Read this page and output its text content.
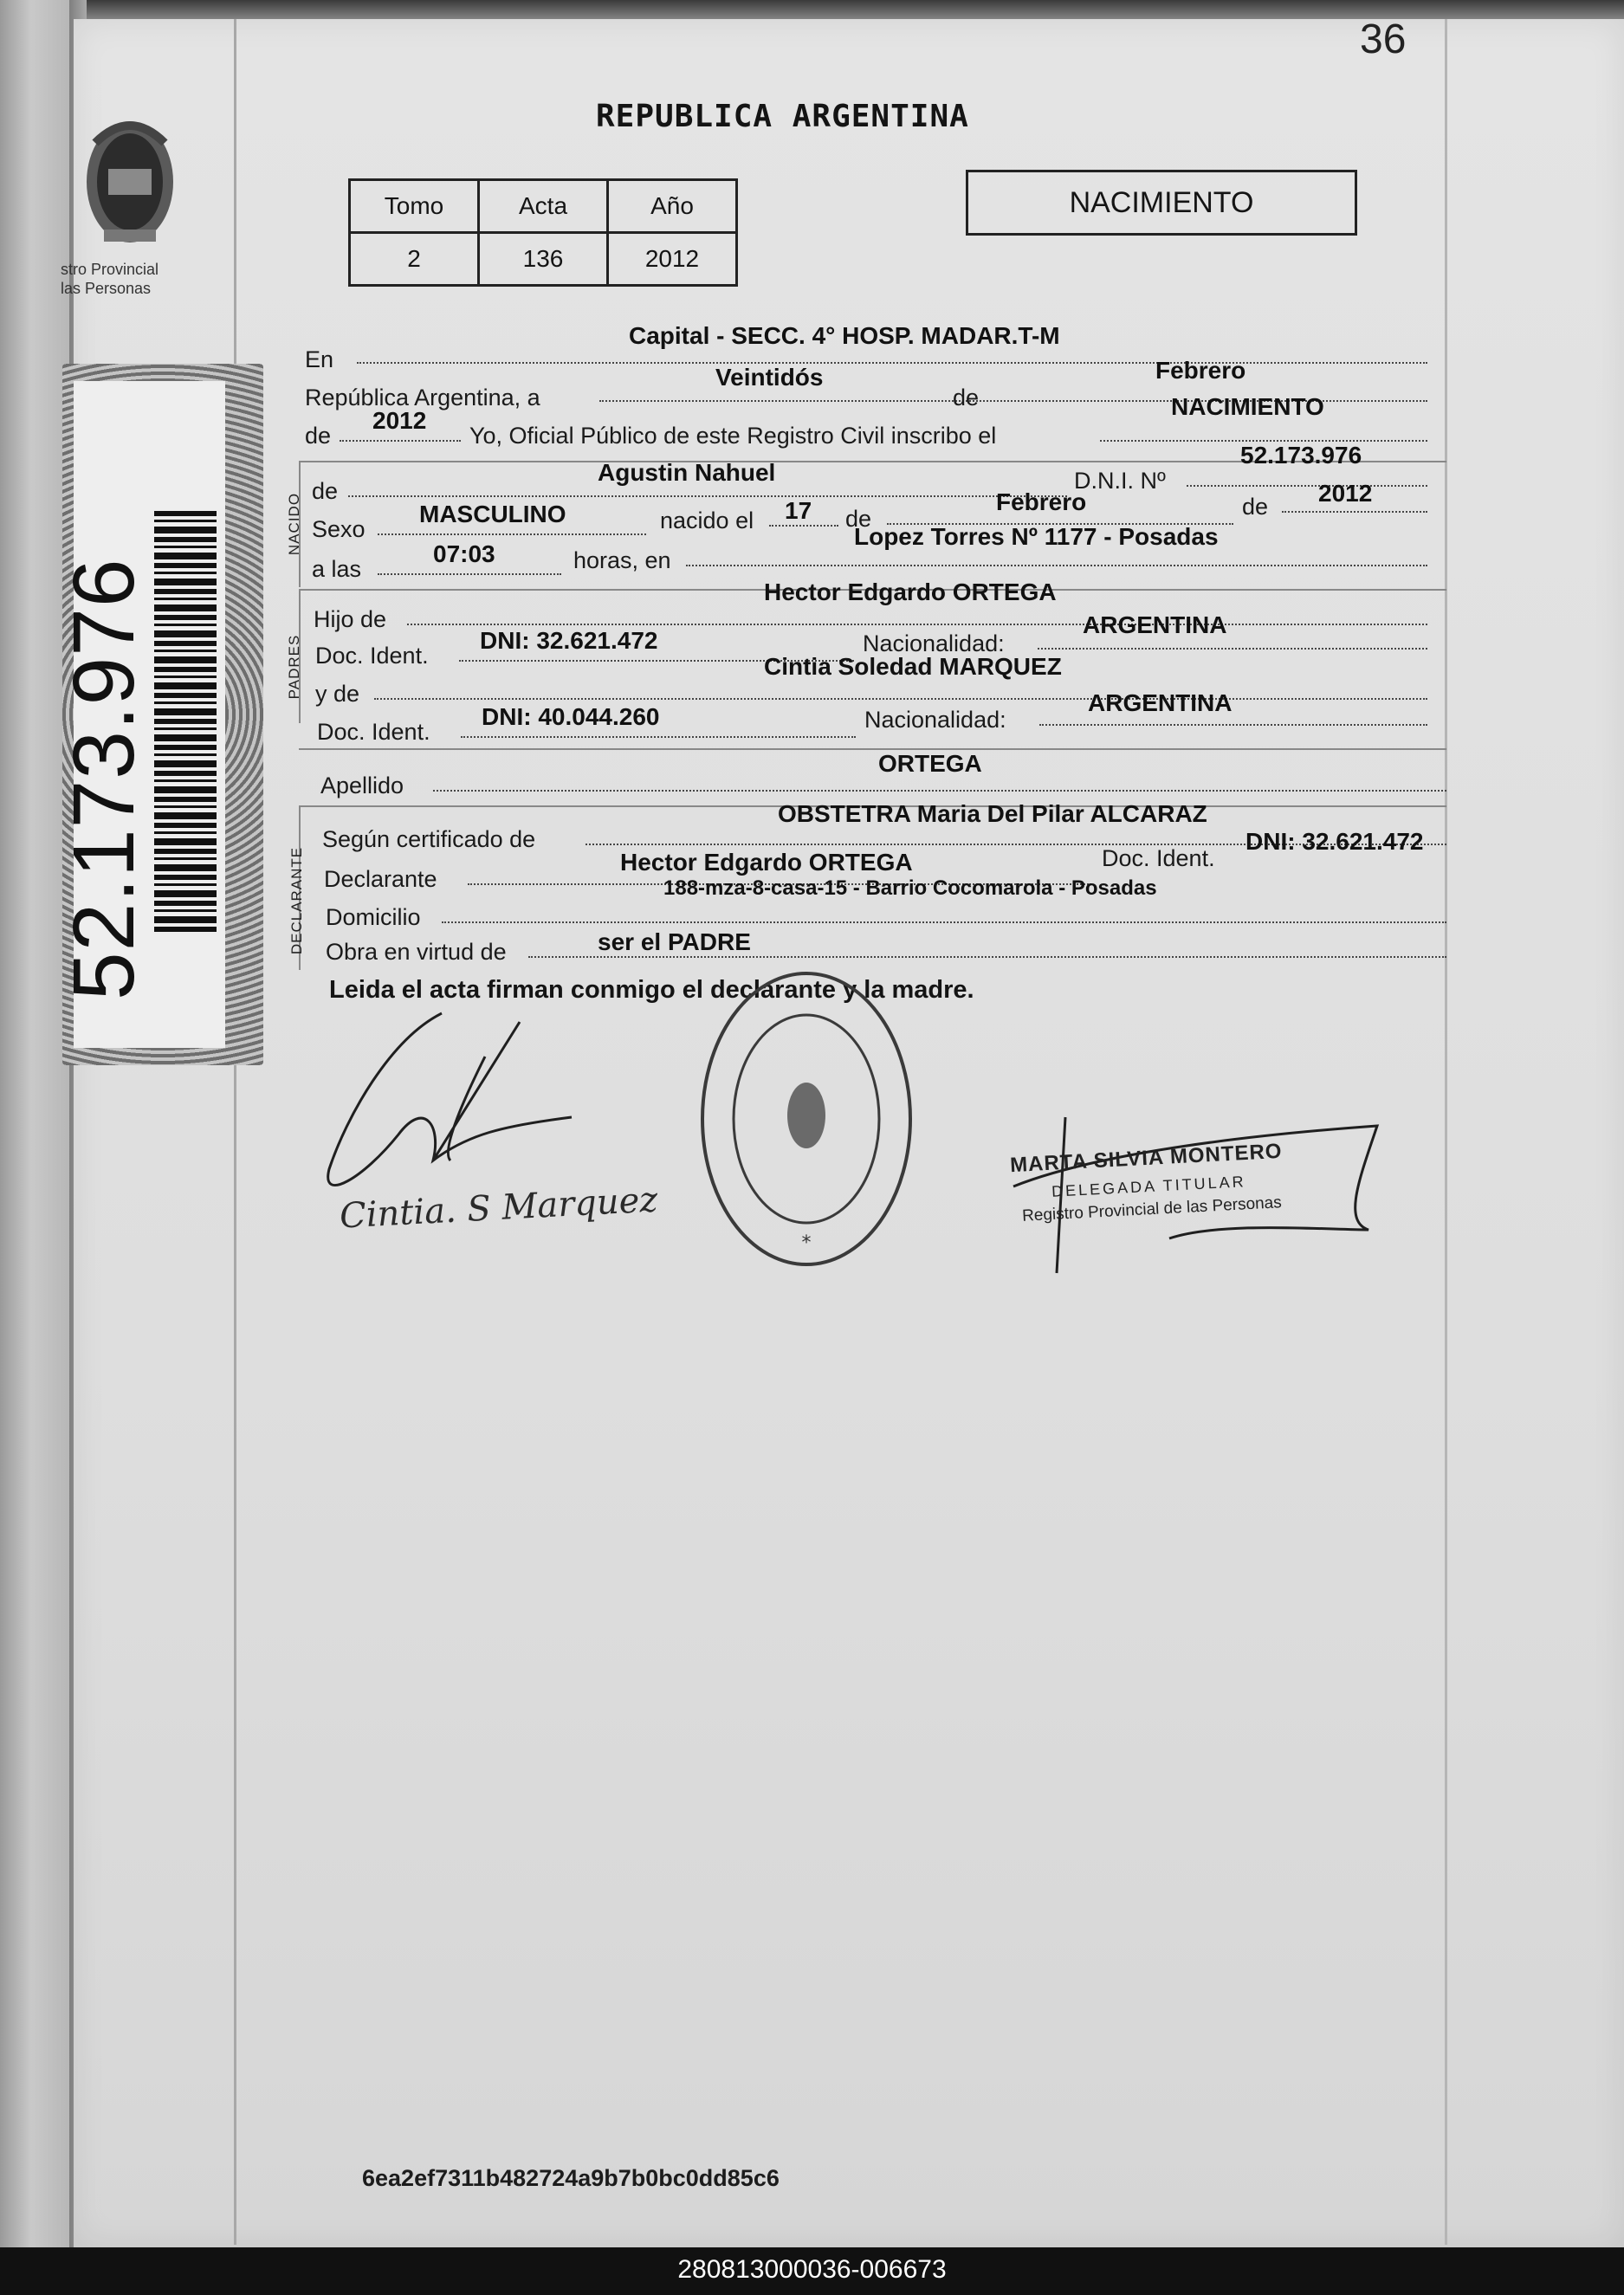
36
REPUBLICA ARGENTINA
stro Provincial
las Personas
Tomo	Acta	Año
2	136	2012
NACIMIENTO
52.173.976
En
Capital - SECC. 4° HOSP. MADAR.T-M
República Argentina, a
Veintidós
de
Febrero
de
2012
Yo, Oficial Público de este Registro Civil inscribo el
NACIMIENTO
NACIDO
de
Agustin Nahuel	D.N.I. Nº
52.173.976
Sexo
MASCULINO	nacido el 17 de
Febrero	de 2012
a las
07:03	horas, en
Lopez Torres Nº 1177 - Posadas
PADRES
Hijo de
Hector Edgardo ORTEGA
Doc. Ident.
DNI: 32.621.472	Nacionalidad:
ARGENTINA
y de
Cintia Soledad MARQUEZ
Doc. Ident.
DNI: 40.044.260	Nacionalidad:
ARGENTINA
Apellido
ORTEGA
DECLARANTE
Según certificado de
OBSTETRA Maria Del Pilar ALCARAZ
Declarante
Hector Edgardo ORTEGA	Doc. Ident.
DNI: 32.621.472
Domicilio
188-mza-8-casa-15 - Barrio Cocomarola - Posadas
Obra en virtud de	ser el PADRE
Leida el acta firman conmigo el declarante y la madre.
Cintia. S Marquez
*
MARTA SILVIA MONTERO
DELEGADA TITULAR
Registro Provincial de las Personas
6ea2ef7311b482724a9b7b0bc0dd85c6
280813000036-006673
